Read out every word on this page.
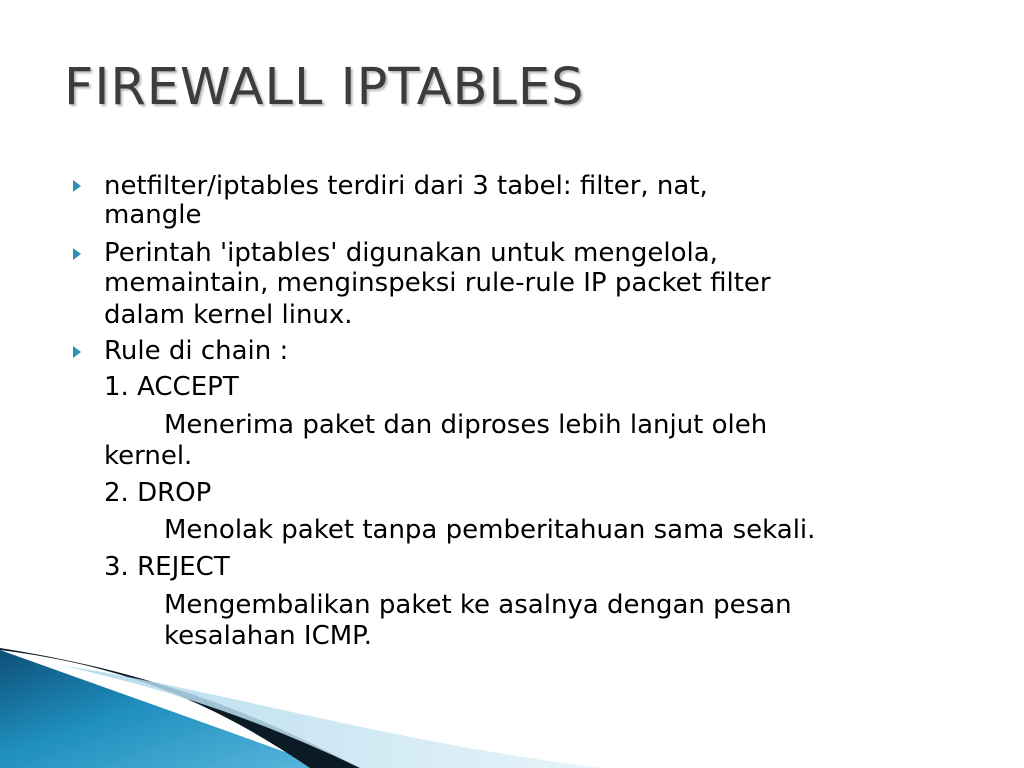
FIREWALL IPTABLES

netfilter/iptables terdiri dari 3 tabel: filter, nat,

mangle

Perintah 'iptables' digunakan untuk mengelola,

memaintain, menginspeksi rule-rule IP packet filter

dalam kernel linux.

Rule di chain :

1. ACCEPT

Menerima paket dan diproses lebih lanjut oleh

kernel.

2. DROP

Menolak paket tanpa pemberitahuan sama sekali.

3. REJECT

Mengembalikan paket ke asalnya dengan pesan

kesalahan ICMP.
